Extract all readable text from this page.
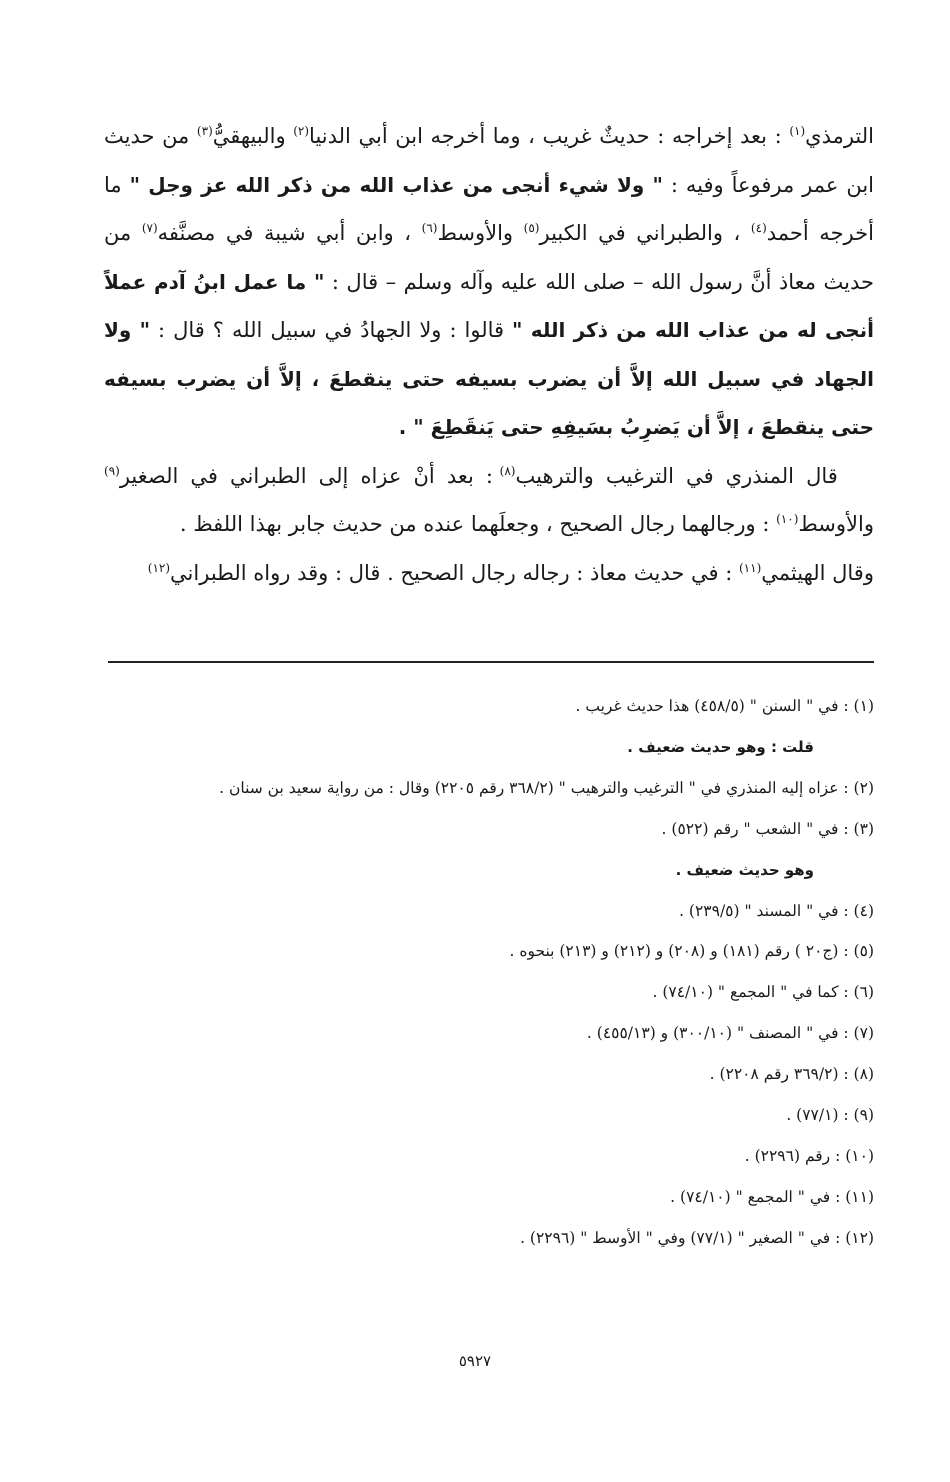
الترمذي$^{(١)}$ : بعد إخراجه : حديثٌ غريب ، وما أخرجه ابن أبي الدنيا$^{(٢)}$ والبيهقيُّ$^{(٣)}$ من حديث ابن عمر مرفوعاً وفيه : " ولا شيء أنجى من عذاب الله من ذكر الله عز وجل " ما أخرجه أحمد$^{(٤)}$ ، والطبراني في الكبير$^{(٥)}$ والأوسط$^{(٦)}$ ، وابن أبي شيبة في مصنَّفه$^{(٧)}$ من حديث معاذ أنَّ رسول الله – صلى الله عليه وآله وسلم – قال : " ما عمل ابنُ آدم عملاً أنجى له من عذاب الله من ذكر الله " قالوا : ولا الجهادُ في سبيل الله ؟ قال : " ولا الجهاد في سبيل الله إلاَّ أن يضرب بسيفه حتى ينقطعَ ، إلاَّ أن يضرب بسيفه حتى ينقطعَ ، إلاَّ أن يَضرِبُ بسَيفِهِ حتى يَنقَطِعَ " .

قال المنذري في الترغيب والترهيب$^{(٨)}$ : بعد أنْ عزاه إلى الطبراني في الصغير$^{(٩)}$ والأوسط$^{(١٠)}$ : ورجالهما رجال الصحيح ، وجعلَهما عنده من حديث جابر بهذا اللفظ .

وقال الهيثمي$^{(١١)}$ : في حديث معاذ : رجاله رجال الصحيح . قال : وقد رواه الطبراني$^{(١٢)}$

(١) : في " السنن " (٤٥٨/٥) هذا حديث غريب .
قلت : وهو حديث ضعيف .
(٢) : عزاه إليه المنذري في " الترغيب والترهيب " (٣٦٨/٢ رقم ٢٢٠٥) وقال : من رواية سعيد بن سنان .
(٣) : في " الشعب " رقم (٥٢٢) .
وهو حديث ضعيف .
(٤) : في " المسند " (٢٣٩/٥) .
(٥) : (ج٢٠ ) رقم (١٨١) و (٢٠٨) و (٢١٢) و (٢١٣) بنحوه .
(٦) : كما في " المجمع " (٧٤/١٠) .
(٧) : في " المصنف " (٣٠٠/١٠) و (٤٥٥/١٣) .
(٨) : (٣٦٩/٢ رقم ٢٢٠٨) .
(٩) : (٧٧/١) .
(١٠) : رقم (٢٢٩٦) .
(١١) : في " المجمع " (٧٤/١٠) .
(١٢) : في " الصغير " (٧٧/١) وفي " الأوسط " (٢٢٩٦) .
٥٩٢٧
